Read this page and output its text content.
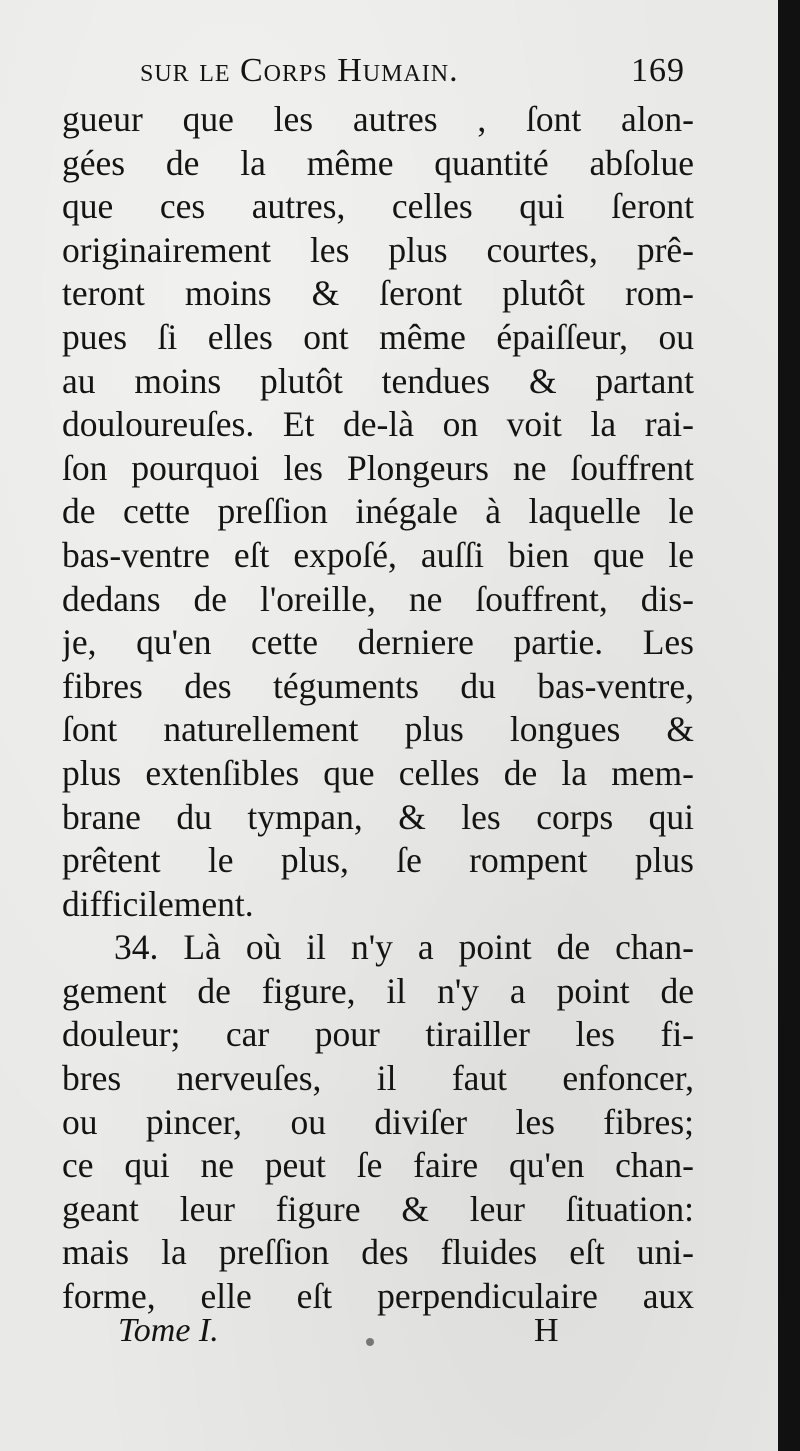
sur le Corps Humain.	169
gueur que les autres , ſont alon-
gées de la même quantité abſolue
que ces autres, celles qui ſeront
originairement les plus courtes, prê-
teront moins & ſeront plutôt rom-
pues ſi elles ont même épaiſſeur, ou
au moins plutôt tendues & partant
douloureuſes. Et de-là on voit la rai-
ſon pourquoi les Plongeurs ne ſouffrent
de cette preſſion inégale à laquelle le
bas-ventre eſt expoſé, auſſi bien que le
dedans de l'oreille, ne ſouffrent, dis-
je, qu'en cette derniere partie. Les
fibres des téguments du bas-ventre,
ſont naturellement plus longues &
plus extenſibles que celles de la mem-
brane du tympan, & les corps qui
prêtent le plus, ſe rompent plus
difficilement.
34. Là où il n'y a point de chan-
gement de figure, il n'y a point de
douleur; car pour tirailler les fi-
bres nerveuſes, il faut enfoncer,
ou pincer, ou diviſer les fibres;
ce qui ne peut ſe faire qu'en chan-
geant leur figure & leur ſituation:
mais la preſſion des fluides eſt uni-
forme, elle eſt perpendiculaire aux
Tome I.	H
